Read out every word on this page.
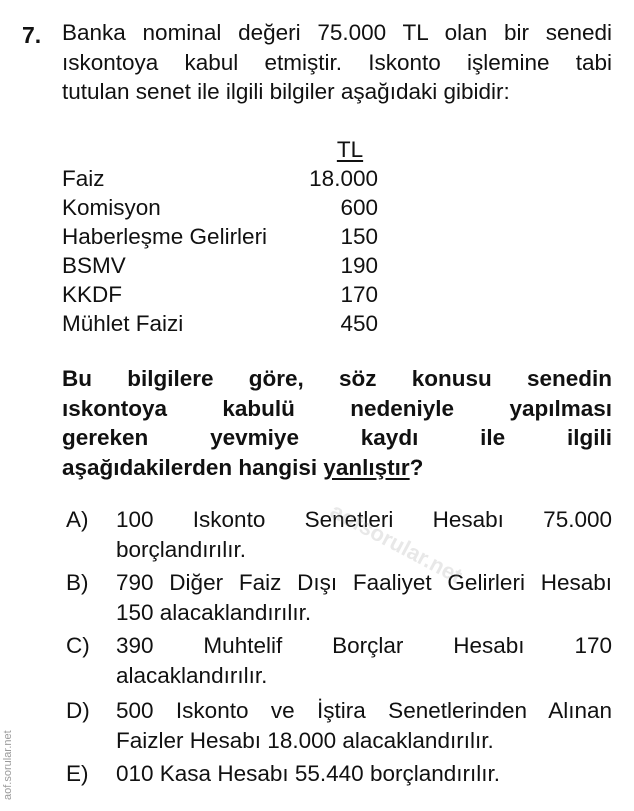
7. Banka nominal değeri 75.000 TL olan bir senedi
ıskontoya kabul etmiştir. Iskonto işlemine tabi
tutulan senet ile ilgili bilgiler aşağıdaki gibidir:
TL
Faiz	18.000
Komisyon	600
Haberleşme Gelirleri	150
BSMV	190
KKDF	170
Mühlet Faizi	450
Bu bilgilere göre, söz konusu senedin
ıskontoya kabulü nedeniyle yapılması
gereken yevmiye kaydı ile ilgili
aşağıdakilerden hangisi yanlıştır?
A) 100 Iskonto Senetleri Hesabı 75.000
borçlandırılır.
B) 790 Diğer Faiz Dışı Faaliyet Gelirleri Hesabı
150 alacaklandırılır.
C) 390 Muhtelif Borçlar Hesabı 170
alacaklandırılır.
D) 500 Iskonto ve İştira Senetlerinden Alınan
Faizler Hesabı 18.000 alacaklandırılır.
E) 010 Kasa Hesabı 55.440 borçlandırılır.
aofsorular.net
aof.sorular.net
